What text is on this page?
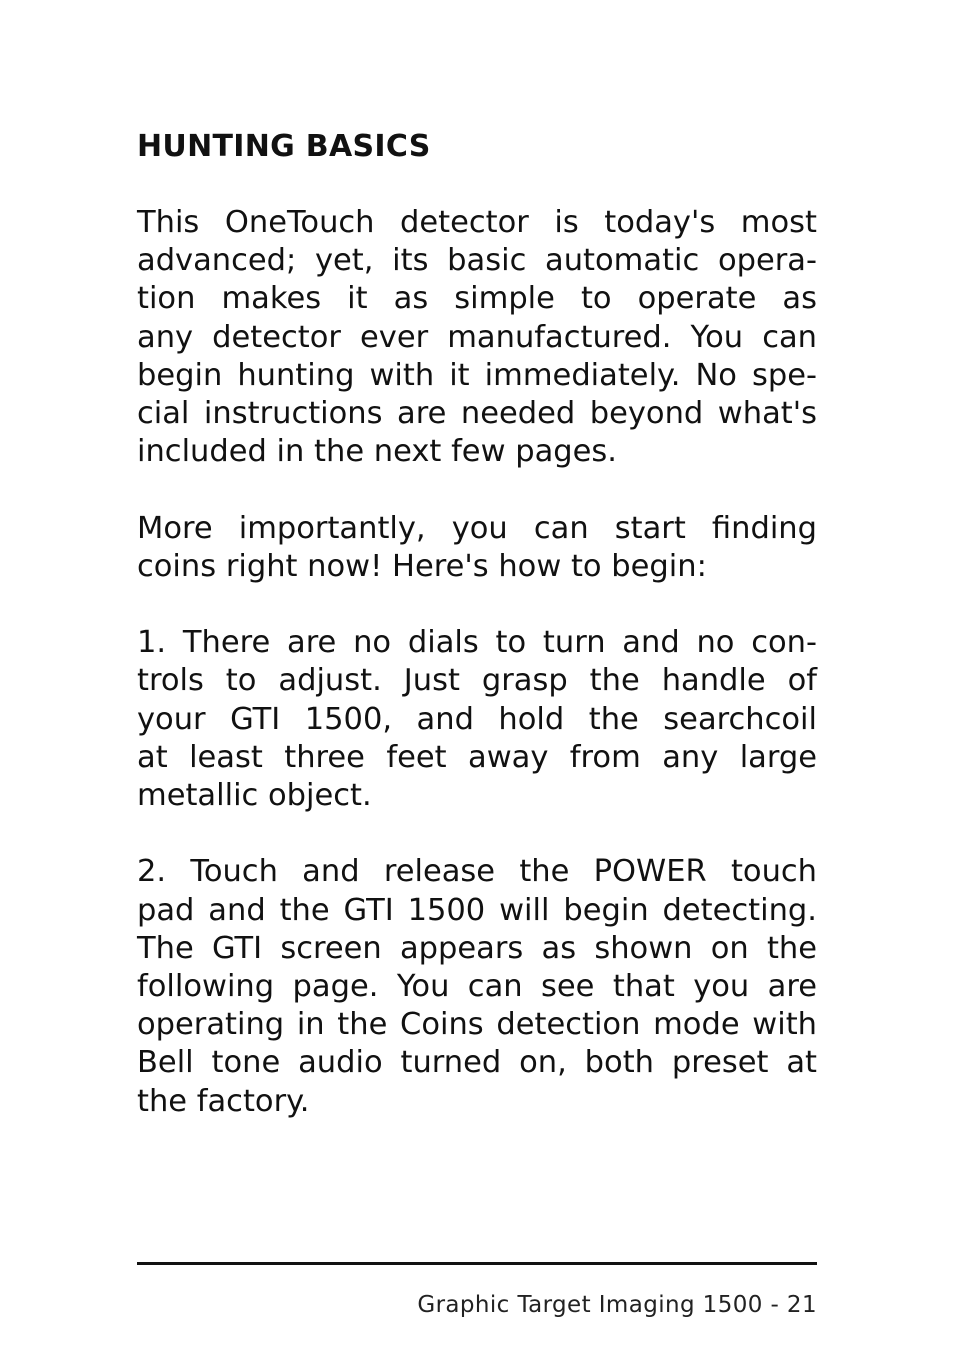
HUNTING BASICS
This OneTouch detector is today's most
advanced; yet, its basic automatic opera-
tion makes it as simple to operate as
any detector ever manufactured. You can
begin hunting with it immediately. No spe-
cial instructions are needed beyond what's
included in the next few pages.
More importantly, you can start finding
coins right now! Here's how to begin:
1. There are no dials to turn and no con-
trols to adjust. Just grasp the handle of
your GTI 1500, and hold the searchcoil
at least three feet away from any large
metallic object.
2. Touch and release the POWER touch
pad and the GTI 1500 will begin detecting.
The GTI screen appears as shown on the
following page. You can see that you are
operating in the Coins detection mode with
Bell tone audio turned on, both preset at
the factory.
Graphic Target Imaging 1500 - 21
